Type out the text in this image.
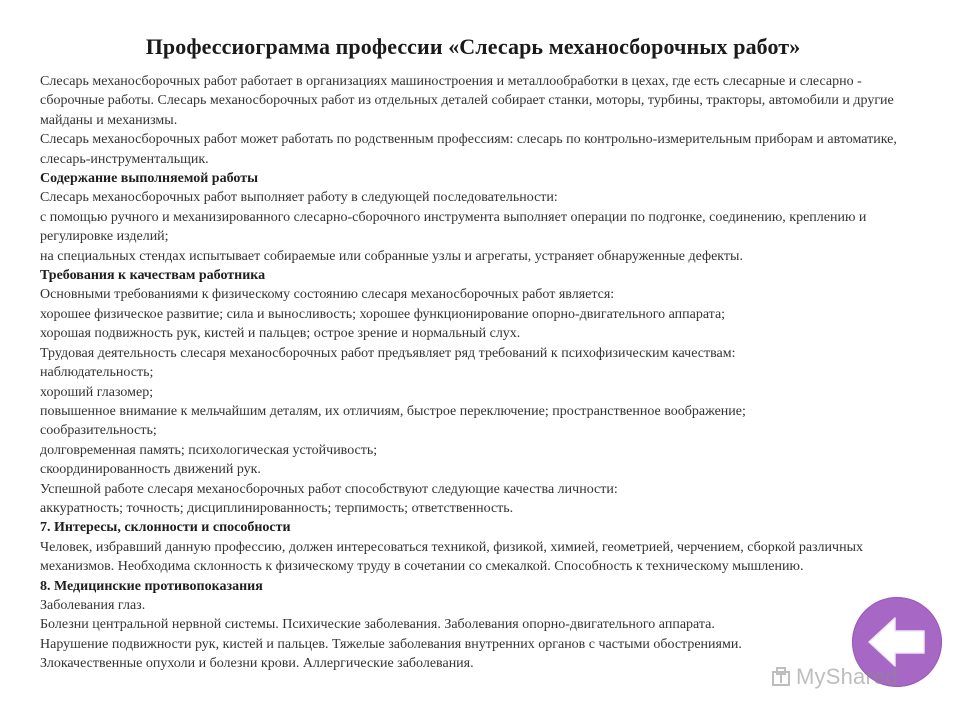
Профессиограмма профессии «Слесарь механосборочных работ»

Слесарь механосборочных работ работает в организациях машиностроения и металлообработки в цехах, где есть слесарные и слесарно - сборочные работы. Слесарь механосборочных работ из отдельных деталей собирает станки, моторы, турбины, тракторы, автомобили и другие майданы и механизмы.

Слесарь механосборочных работ может работать по родственным профессиям: слесарь по контрольно-измерительным приборам и автоматике, слесарь-инструментальщик.

Содержание выполняемой работы

Слесарь механосборочных работ выполняет работу в следующей последовательности:

с помощью ручного и механизированного слесарно-сборочного инструмента выполняет операции по подгонке, соединению, креплению и регулировке изделий;

на специальных стендах испытывает собираемые или собранные узлы и агрегаты, устраняет обнаруженные дефекты.

Требования к качествам работника

Основными требованиями к физическому состоянию слесаря механосборочных работ является:

хорошее физическое развитие; сила и выносливость; хорошее функционирование опорно-двигательного аппарата;

хорошая подвижность рук, кистей и пальцев; острое зрение и нормальный слух.

Трудовая деятельность слесаря механосборочных работ предъявляет ряд требований к психофизическим качествам:

наблюдательность;

хороший глазомер;

повышенное внимание к мельчайшим деталям, их отличиям, быстрое переключение; пространственное воображение;

сообразительность;

долговременная память; психологическая устойчивость;

скоординированность движений рук.

Успешной работе слесаря механосборочных работ способствуют следующие качества личности:

аккуратность; точность; дисциплинированность; терпимость; ответственность.

7. Интересы, склонности и способности

Человек, избравший данную профессию, должен интересоваться техникой, физикой, химией, геометрией, черчением, сборкой различных механизмов. Необходима склонность к физическому труду в сочетании со смекалкой. Способность к техническому мышлению.

8. Медицинские противопоказания

Заболевания глаз.

Болезни центральной нервной системы. Психические заболевания. Заболевания опорно-двигательного аппарата.

Нарушение подвижности рук, кистей и пальцев. Тяжелые заболевания внутренних органов с частыми обострениями.

Злокачественные опухоли и болезни крови. Аллергические заболевания.

MyShared
